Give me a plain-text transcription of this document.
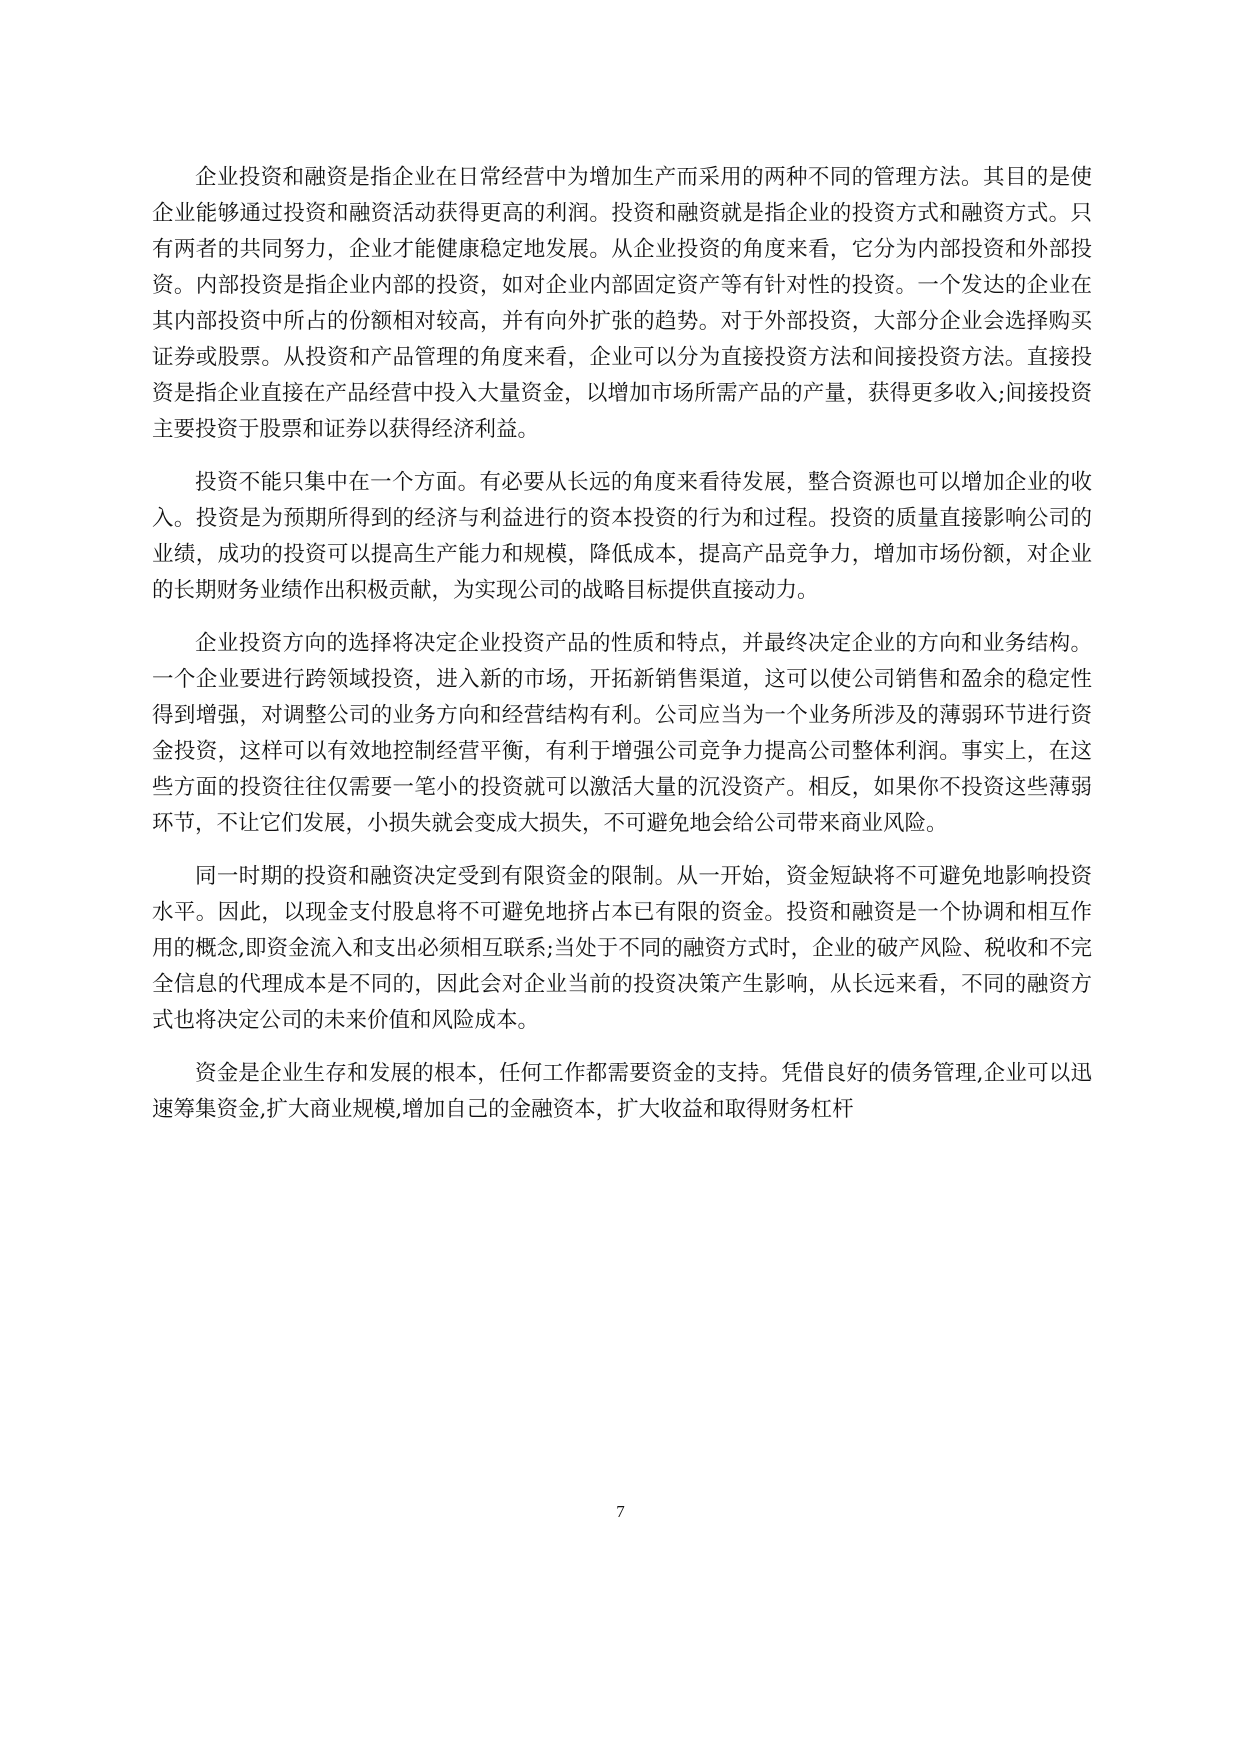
企业投资和融资是指企业在日常经营中为增加生产而采用的两种不同的管理方法。其目的是使企业能够通过投资和融资活动获得更高的利润。投资和融资就是指企业的投资方式和融资方式。只有两者的共同努力，企业才能健康稳定地发展。从企业投资的角度来看，它分为内部投资和外部投资。内部投资是指企业内部的投资，如对企业内部固定资产等有针对性的投资。一个发达的企业在其内部投资中所占的份额相对较高，并有向外扩张的趋势。对于外部投资，大部分企业会选择购买证券或股票。从投资和产品管理的角度来看，企业可以分为直接投资方法和间接投资方法。直接投资是指企业直接在产品经营中投入大量资金，以增加市场所需产品的产量，获得更多收入;间接投资主要投资于股票和证券以获得经济利益。

投资不能只集中在一个方面。有必要从长远的角度来看待发展，整合资源也可以增加企业的收入。投资是为预期所得到的经济与利益进行的资本投资的行为和过程。投资的质量直接影响公司的业绩，成功的投资可以提高生产能力和规模，降低成本，提高产品竞争力，增加市场份额，对企业的长期财务业绩作出积极贡献，为实现公司的战略目标提供直接动力。

企业投资方向的选择将决定企业投资产品的性质和特点，并最终决定企业的方向和业务结构。一个企业要进行跨领域投资，进入新的市场，开拓新销售渠道，这可以使公司销售和盈余的稳定性得到增强，对调整公司的业务方向和经营结构有利。公司应当为一个业务所涉及的薄弱环节进行资金投资，这样可以有效地控制经营平衡，有利于增强公司竞争力提高公司整体利润。事实上，在这些方面的投资往往仅需要一笔小的投资就可以激活大量的沉没资产。相反，如果你不投资这些薄弱环节，不让它们发展，小损失就会变成大损失，不可避免地会给公司带来商业风险。

同一时期的投资和融资决定受到有限资金的限制。从一开始，资金短缺将不可避免地影响投资水平。因此，以现金支付股息将不可避免地挤占本已有限的资金。投资和融资是一个协调和相互作用的概念,即资金流入和支出必须相互联系;当处于不同的融资方式时，企业的破产风险、税收和不完全信息的代理成本是不同的，因此会对企业当前的投资决策产生影响，从长远来看，不同的融资方式也将决定公司的未来价值和风险成本。

资金是企业生存和发展的根本，任何工作都需要资金的支持。凭借良好的债务管理,企业可以迅速筹集资金,扩大商业规模,增加自己的金融资本，扩大收益和取得财务杠杆

7
